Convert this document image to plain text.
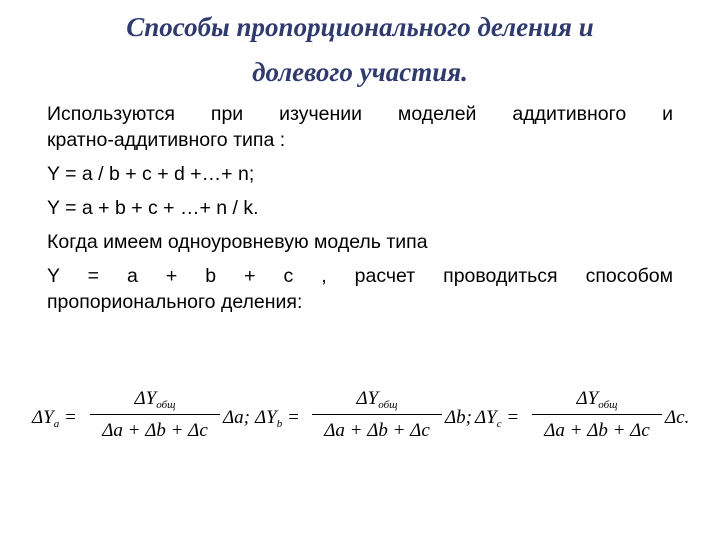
Способы пропорционального деления и
долевого участия.
Используются при изучении моделей аддитивного и
кратно-аддитивного типа :
Y = a / b + c + d +…+ n;
Y = a + b + c + …+ n / k.
Когда имеем одноуровневую модель типа
Y = a + b + c , расчет проводиться способом
пропориональнoго деления:
$\Delta Y_a$ =
$\Delta Y_{общ}$
Δa + Δb + Δc
Δa; $\Delta Y_b$ =
$\Delta Y_{общ}$
Δa + Δb + Δc
Δb; $\Delta Y_c$ =
$\Delta Y_{общ}$
Δa + Δb + Δc
Δc.
